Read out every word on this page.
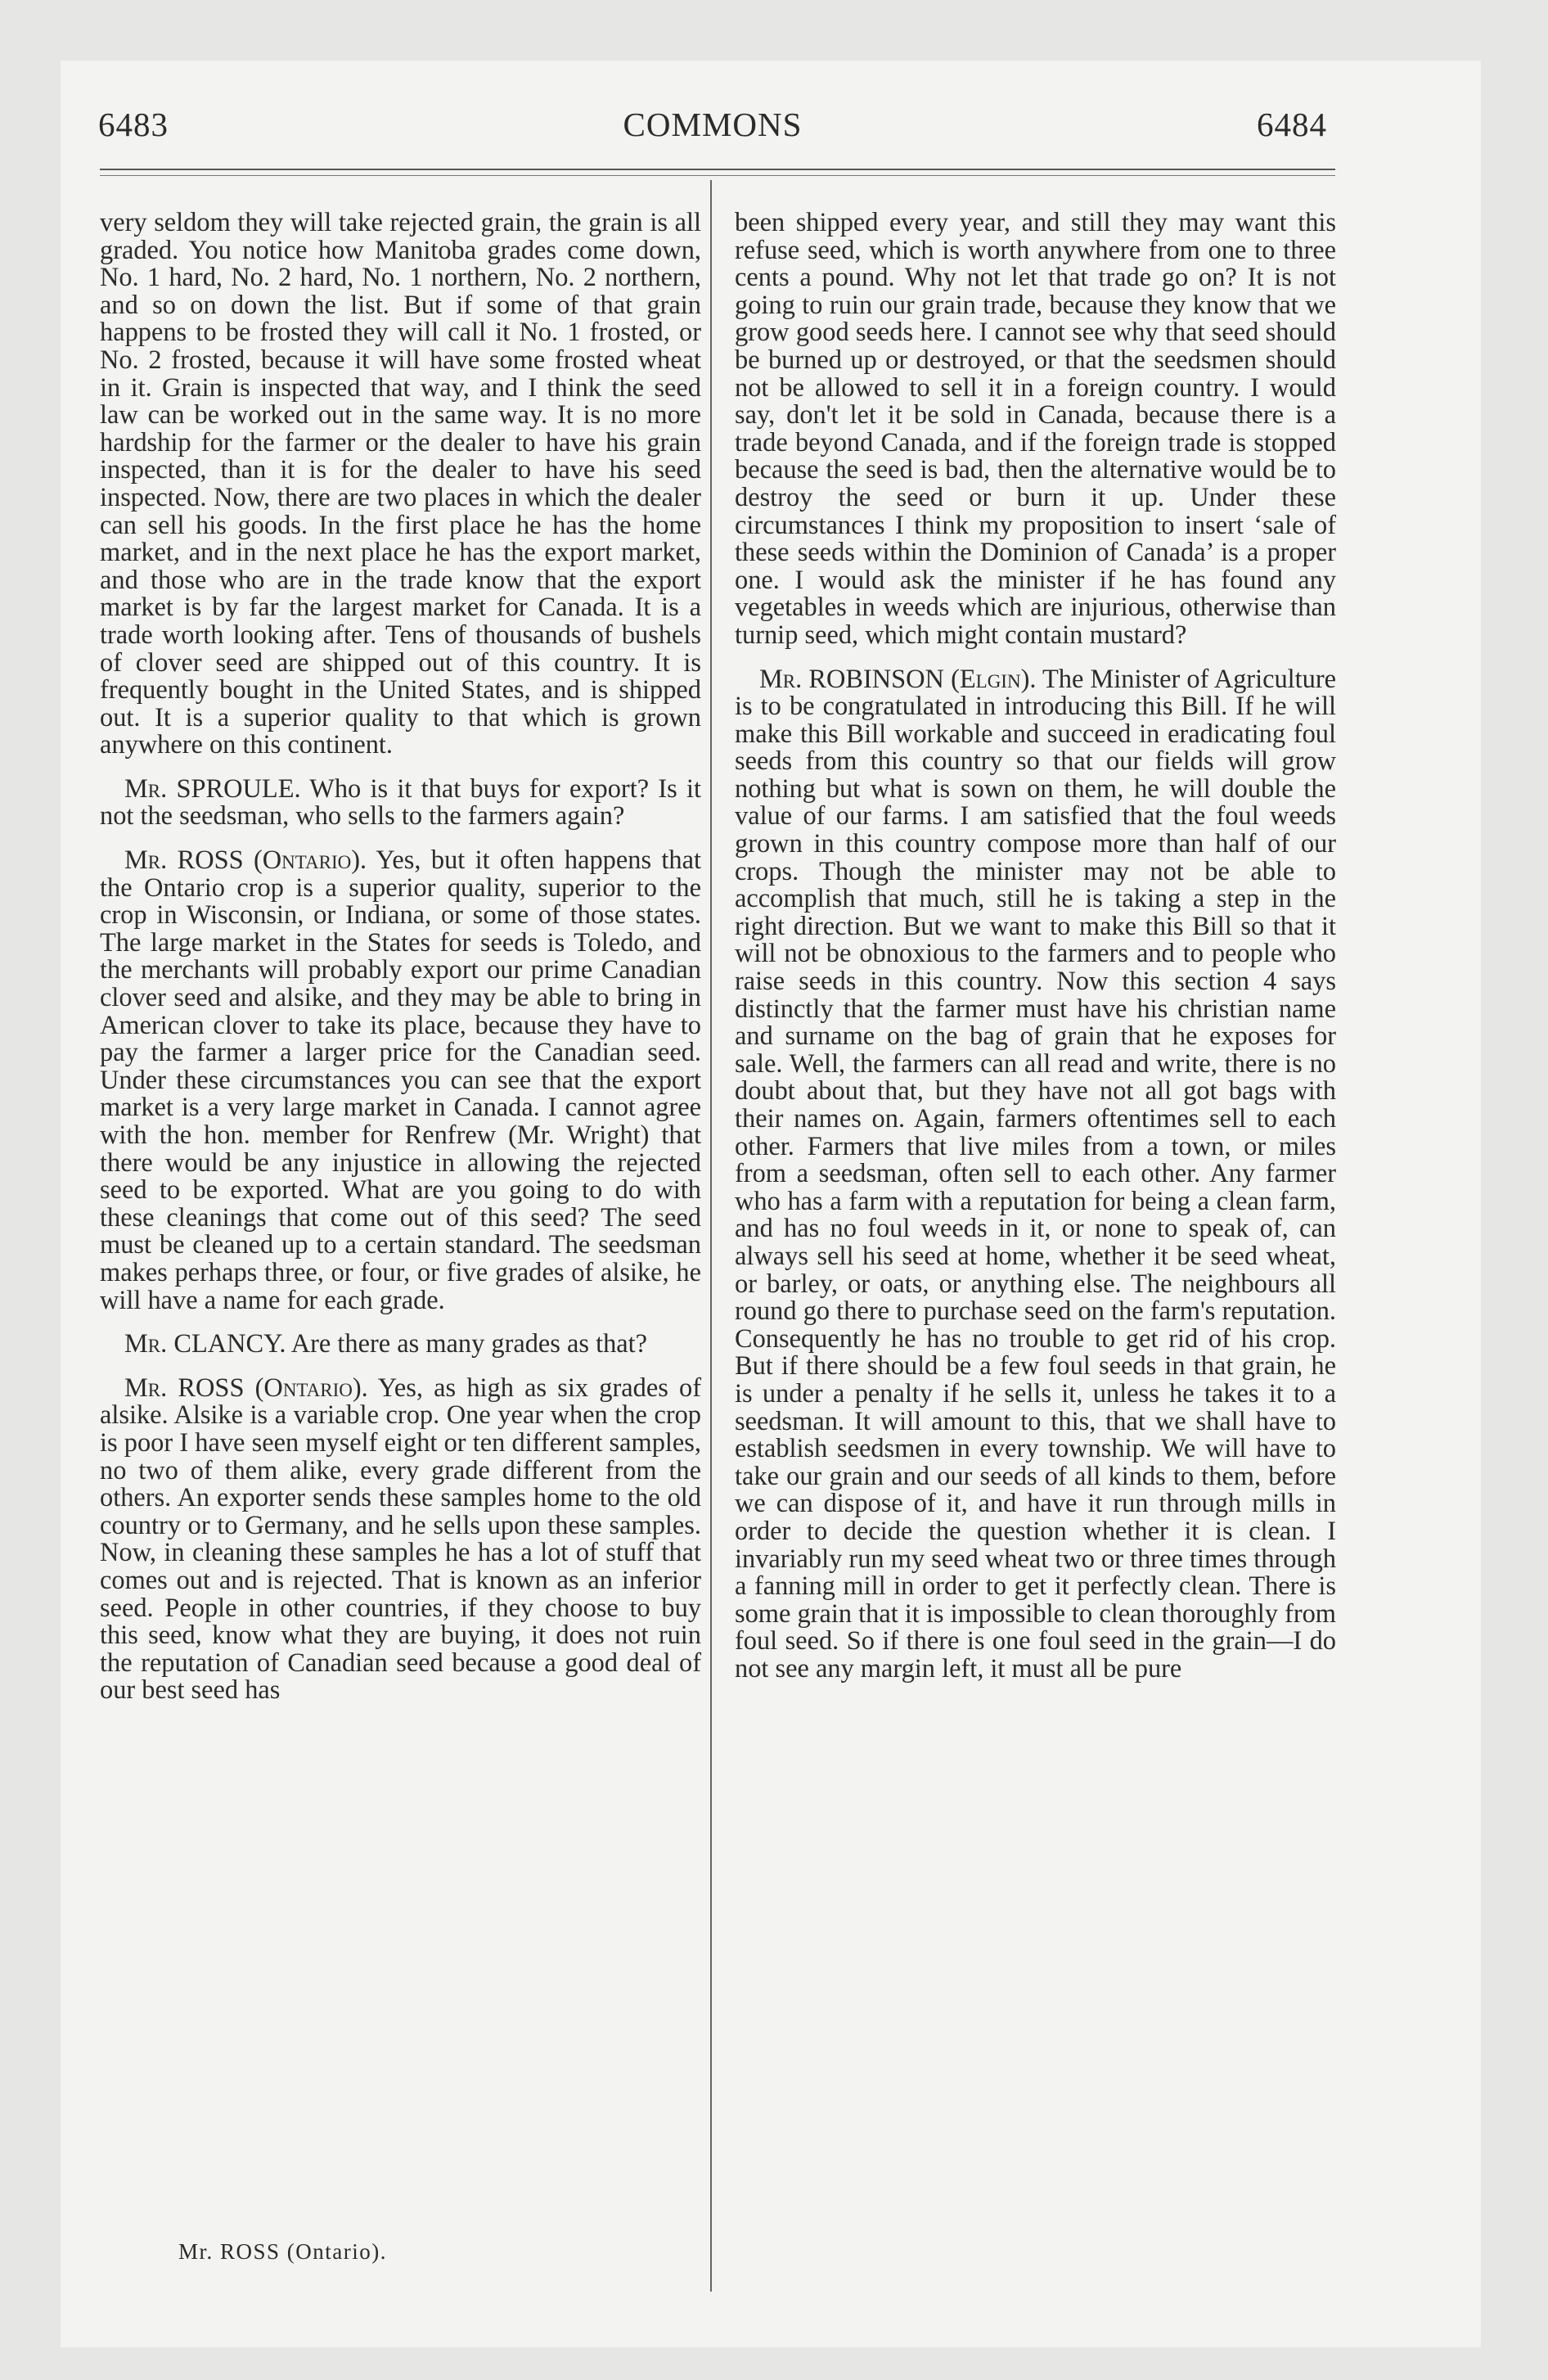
6483	COMMONS	6484

very seldom they will take rejected grain, the grain is all graded. You notice how Manitoba grades come down, No. 1 hard, No. 2 hard, No. 1 northern, No. 2 northern, and so on down the list. But if some of that grain happens to be frosted they will call it No. 1 frosted, or No. 2 frosted, because it will have some frosted wheat in it. Grain is inspected that way, and I think the seed law can be worked out in the same way. It is no more hardship for the farmer or the dealer to have his grain inspected, than it is for the dealer to have his seed inspected. Now, there are two places in which the dealer can sell his goods. In the first place he has the home market, and in the next place he has the export market, and those who are in the trade know that the export market is by far the largest market for Canada. It is a trade worth looking after. Tens of thousands of bushels of clover seed are shipped out of this country. It is frequently bought in the United States, and is shipped out. It is a superior quality to that which is grown anywhere on this continent.

Mr. SPROULE. Who is it that buys for export? Is it not the seedsman, who sells to the farmers again?

Mr. ROSS (Ontario). Yes, but it often happens that the Ontario crop is a superior quality, superior to the crop in Wisconsin, or Indiana, or some of those states. The large market in the States for seeds is Toledo, and the merchants will probably export our prime Canadian clover seed and alsike, and they may be able to bring in American clover to take its place, because they have to pay the farmer a larger price for the Canadian seed. Under these circumstances you can see that the export market is a very large market in Canada. I cannot agree with the hon. member for Renfrew (Mr. Wright) that there would be any injustice in allowing the rejected seed to be exported. What are you going to do with these cleanings that come out of this seed? The seed must be cleaned up to a certain standard. The seedsman makes perhaps three, or four, or five grades of alsike, he will have a name for each grade.

Mr. CLANCY. Are there as many grades as that?

Mr. ROSS (Ontario). Yes, as high as six grades of alsike. Alsike is a variable crop. One year when the crop is poor I have seen myself eight or ten different samples, no two of them alike, every grade different from the others. An exporter sends these samples home to the old country or to Germany, and he sells upon these samples. Now, in cleaning these samples he has a lot of stuff that comes out and is rejected. That is known as an inferior seed. People in other countries, if they choose to buy this seed, know what they are buying, it does not ruin the reputation of Canadian seed because a good deal of our best seed has

been shipped every year, and still they may want this refuse seed, which is worth anywhere from one to three cents a pound. Why not let that trade go on? It is not going to ruin our grain trade, because they know that we grow good seeds here. I cannot see why that seed should be burned up or destroyed, or that the seedsmen should not be allowed to sell it in a foreign country. I would say, don't let it be sold in Canada, because there is a trade beyond Canada, and if the foreign trade is stopped because the seed is bad, then the alternative would be to destroy the seed or burn it up. Under these circumstances I think my proposition to insert ‘sale of these seeds within the Dominion of Canada’ is a proper one. I would ask the minister if he has found any vegetables in weeds which are injurious, otherwise than turnip seed, which might contain mustard?

Mr. ROBINSON (Elgin). The Minister of Agriculture is to be congratulated in introducing this Bill. If he will make this Bill workable and succeed in eradicating foul seeds from this country so that our fields will grow nothing but what is sown on them, he will double the value of our farms. I am satisfied that the foul weeds grown in this country compose more than half of our crops. Though the minister may not be able to accomplish that much, still he is taking a step in the right direction. But we want to make this Bill so that it will not be obnoxious to the farmers and to people who raise seeds in this country. Now this section 4 says distinctly that the farmer must have his christian name and surname on the bag of grain that he exposes for sale. Well, the farmers can all read and write, there is no doubt about that, but they have not all got bags with their names on. Again, farmers oftentimes sell to each other. Farmers that live miles from a town, or miles from a seedsman, often sell to each other. Any farmer who has a farm with a reputation for being a clean farm, and has no foul weeds in it, or none to speak of, can always sell his seed at home, whether it be seed wheat, or barley, or oats, or anything else. The neighbours all round go there to purchase seed on the farm's reputation. Consequently he has no trouble to get rid of his crop. But if there should be a few foul seeds in that grain, he is under a penalty if he sells it, unless he takes it to a seedsman. It will amount to this, that we shall have to establish seedsmen in every township. We will have to take our grain and our seeds of all kinds to them, before we can dispose of it, and have it run through mills in order to decide the question whether it is clean. I invariably run my seed wheat two or three times through a fanning mill in order to get it perfectly clean. There is some grain that it is impossible to clean thoroughly from foul seed. So if there is one foul seed in the grain—I do not see any margin left, it must all be pure

Mr. ROSS (Ontario).
